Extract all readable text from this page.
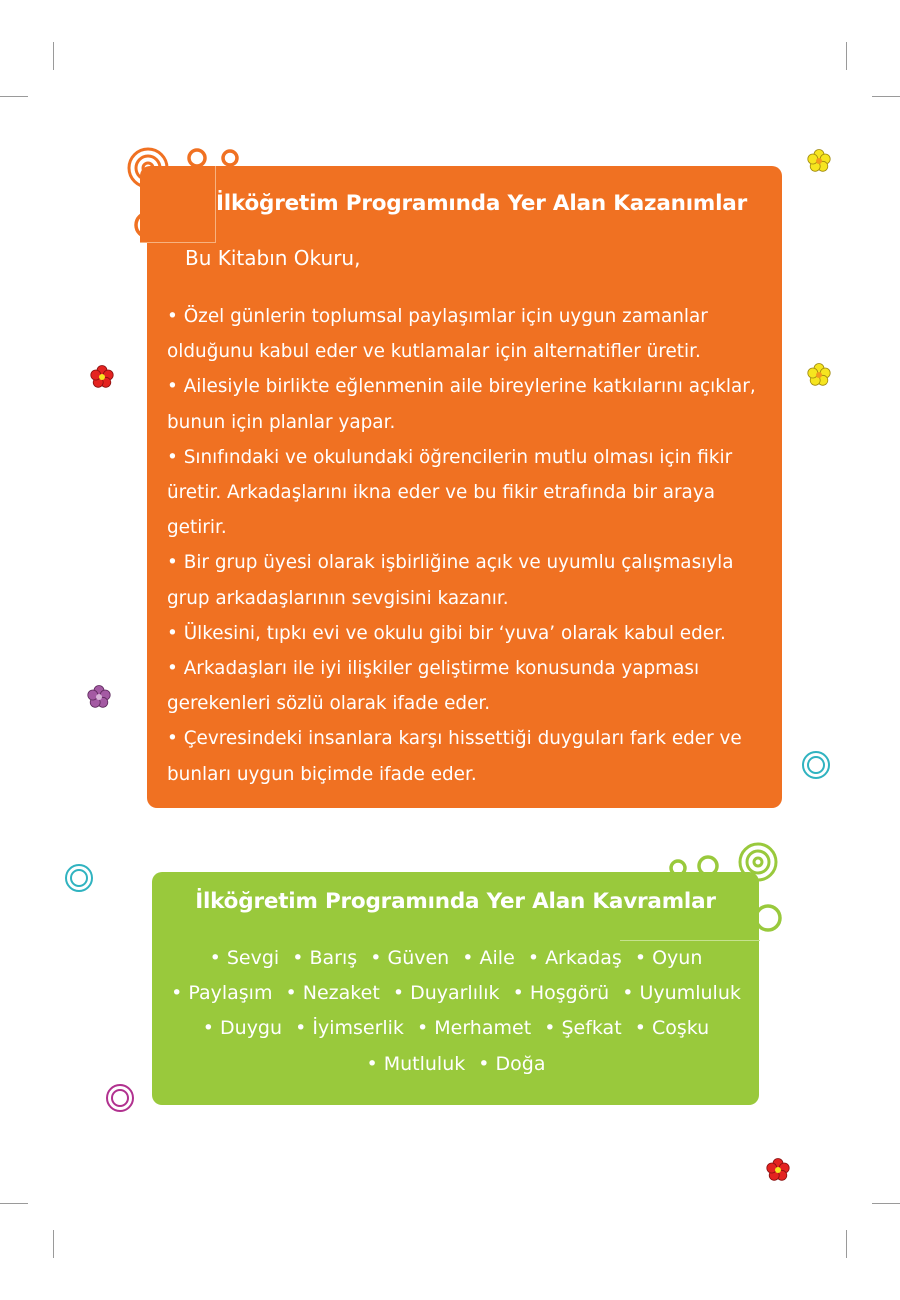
İlköğretim Programında Yer Alan Kazanımlar

Bu Kitabın Okuru,

• Özel günlerin toplumsal paylaşımlar için uygun zamanlar olduğunu kabul eder ve kutlamalar için alternatifler üretir.
• Ailesiyle birlikte eğlenmenin aile bireylerine katkılarını açıklar, bunun için planlar yapar.
• Sınıfındaki ve okulundaki öğrencilerin mutlu olması için fikir üretir. Arkadaşlarını ikna eder ve bu fikir etrafında bir araya getirir.
• Bir grup üyesi olarak işbirliğine açık ve uyumlu çalışmasıyla grup arkadaşlarının sevgisini kazanır.
• Ülkesini, tıpkı evi ve okulu gibi bir ‘yuva’ olarak kabul eder.
• Arkadaşları ile iyi ilişkiler geliştirme konusunda yapması gerekenleri sözlü olarak ifade eder.
• Çevresindeki insanlara karşı hissettiği duyguları fark eder ve bunları uygun biçimde ifade eder.
İlköğretim Programında Yer Alan Kavramlar

• Sevgi • Barış • Güven • Aile • Arkadaş • Oyun
• Paylaşım • Nezaket • Duyarlılık • Hoşgörü • Uyumluluk
• Duygu • İyimserlik • Merhamet • Şefkat • Coşku
• Mutluluk • Doğa
